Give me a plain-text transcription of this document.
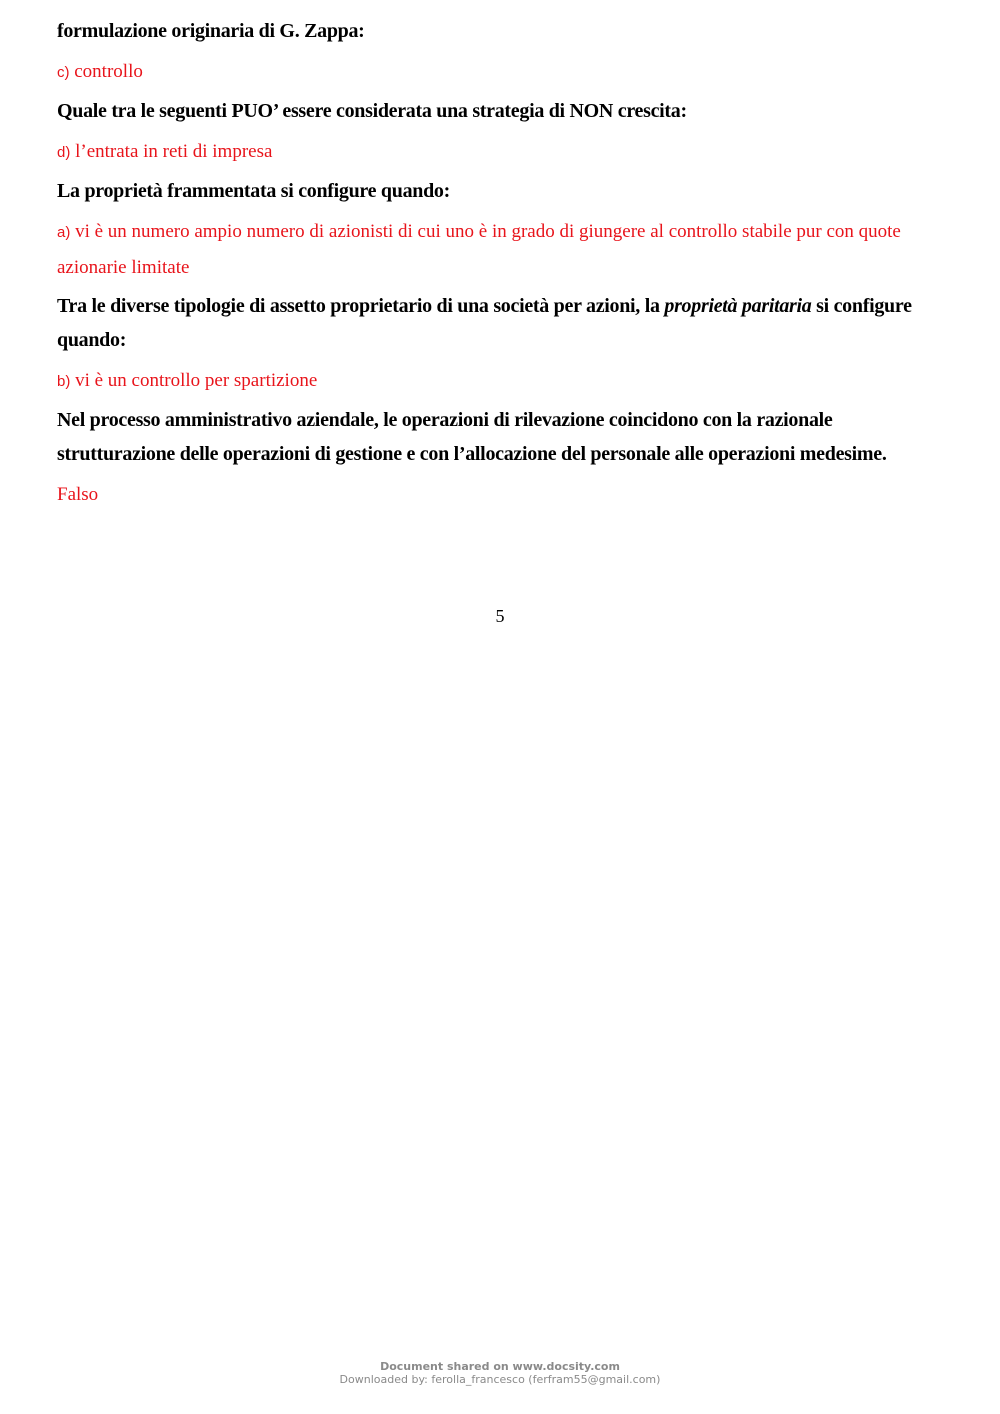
formulazione originaria di G. Zappa:

c) controllo

Quale tra le seguenti PUO’ essere considerata una strategia di NON crescita:

d) l’entrata in reti di impresa

La proprietà frammentata si configure quando:

a) vi è un numero ampio numero di azionisti di cui uno è in grado di giungere al controllo stabile pur con quote azionarie limitate

Tra le diverse tipologie di assetto proprietario di una società per azioni, la proprietà paritaria si configure quando:

b) vi è un controllo per spartizione

Nel processo amministrativo aziendale, le operazioni di rilevazione coincidono con la razionale strutturazione delle operazioni di gestione e con l’allocazione del personale alle operazioni medesime.

Falso

5
Document shared on www.docsity.com
Downloaded by: ferolla_francesco (ferfram55@gmail.com)
